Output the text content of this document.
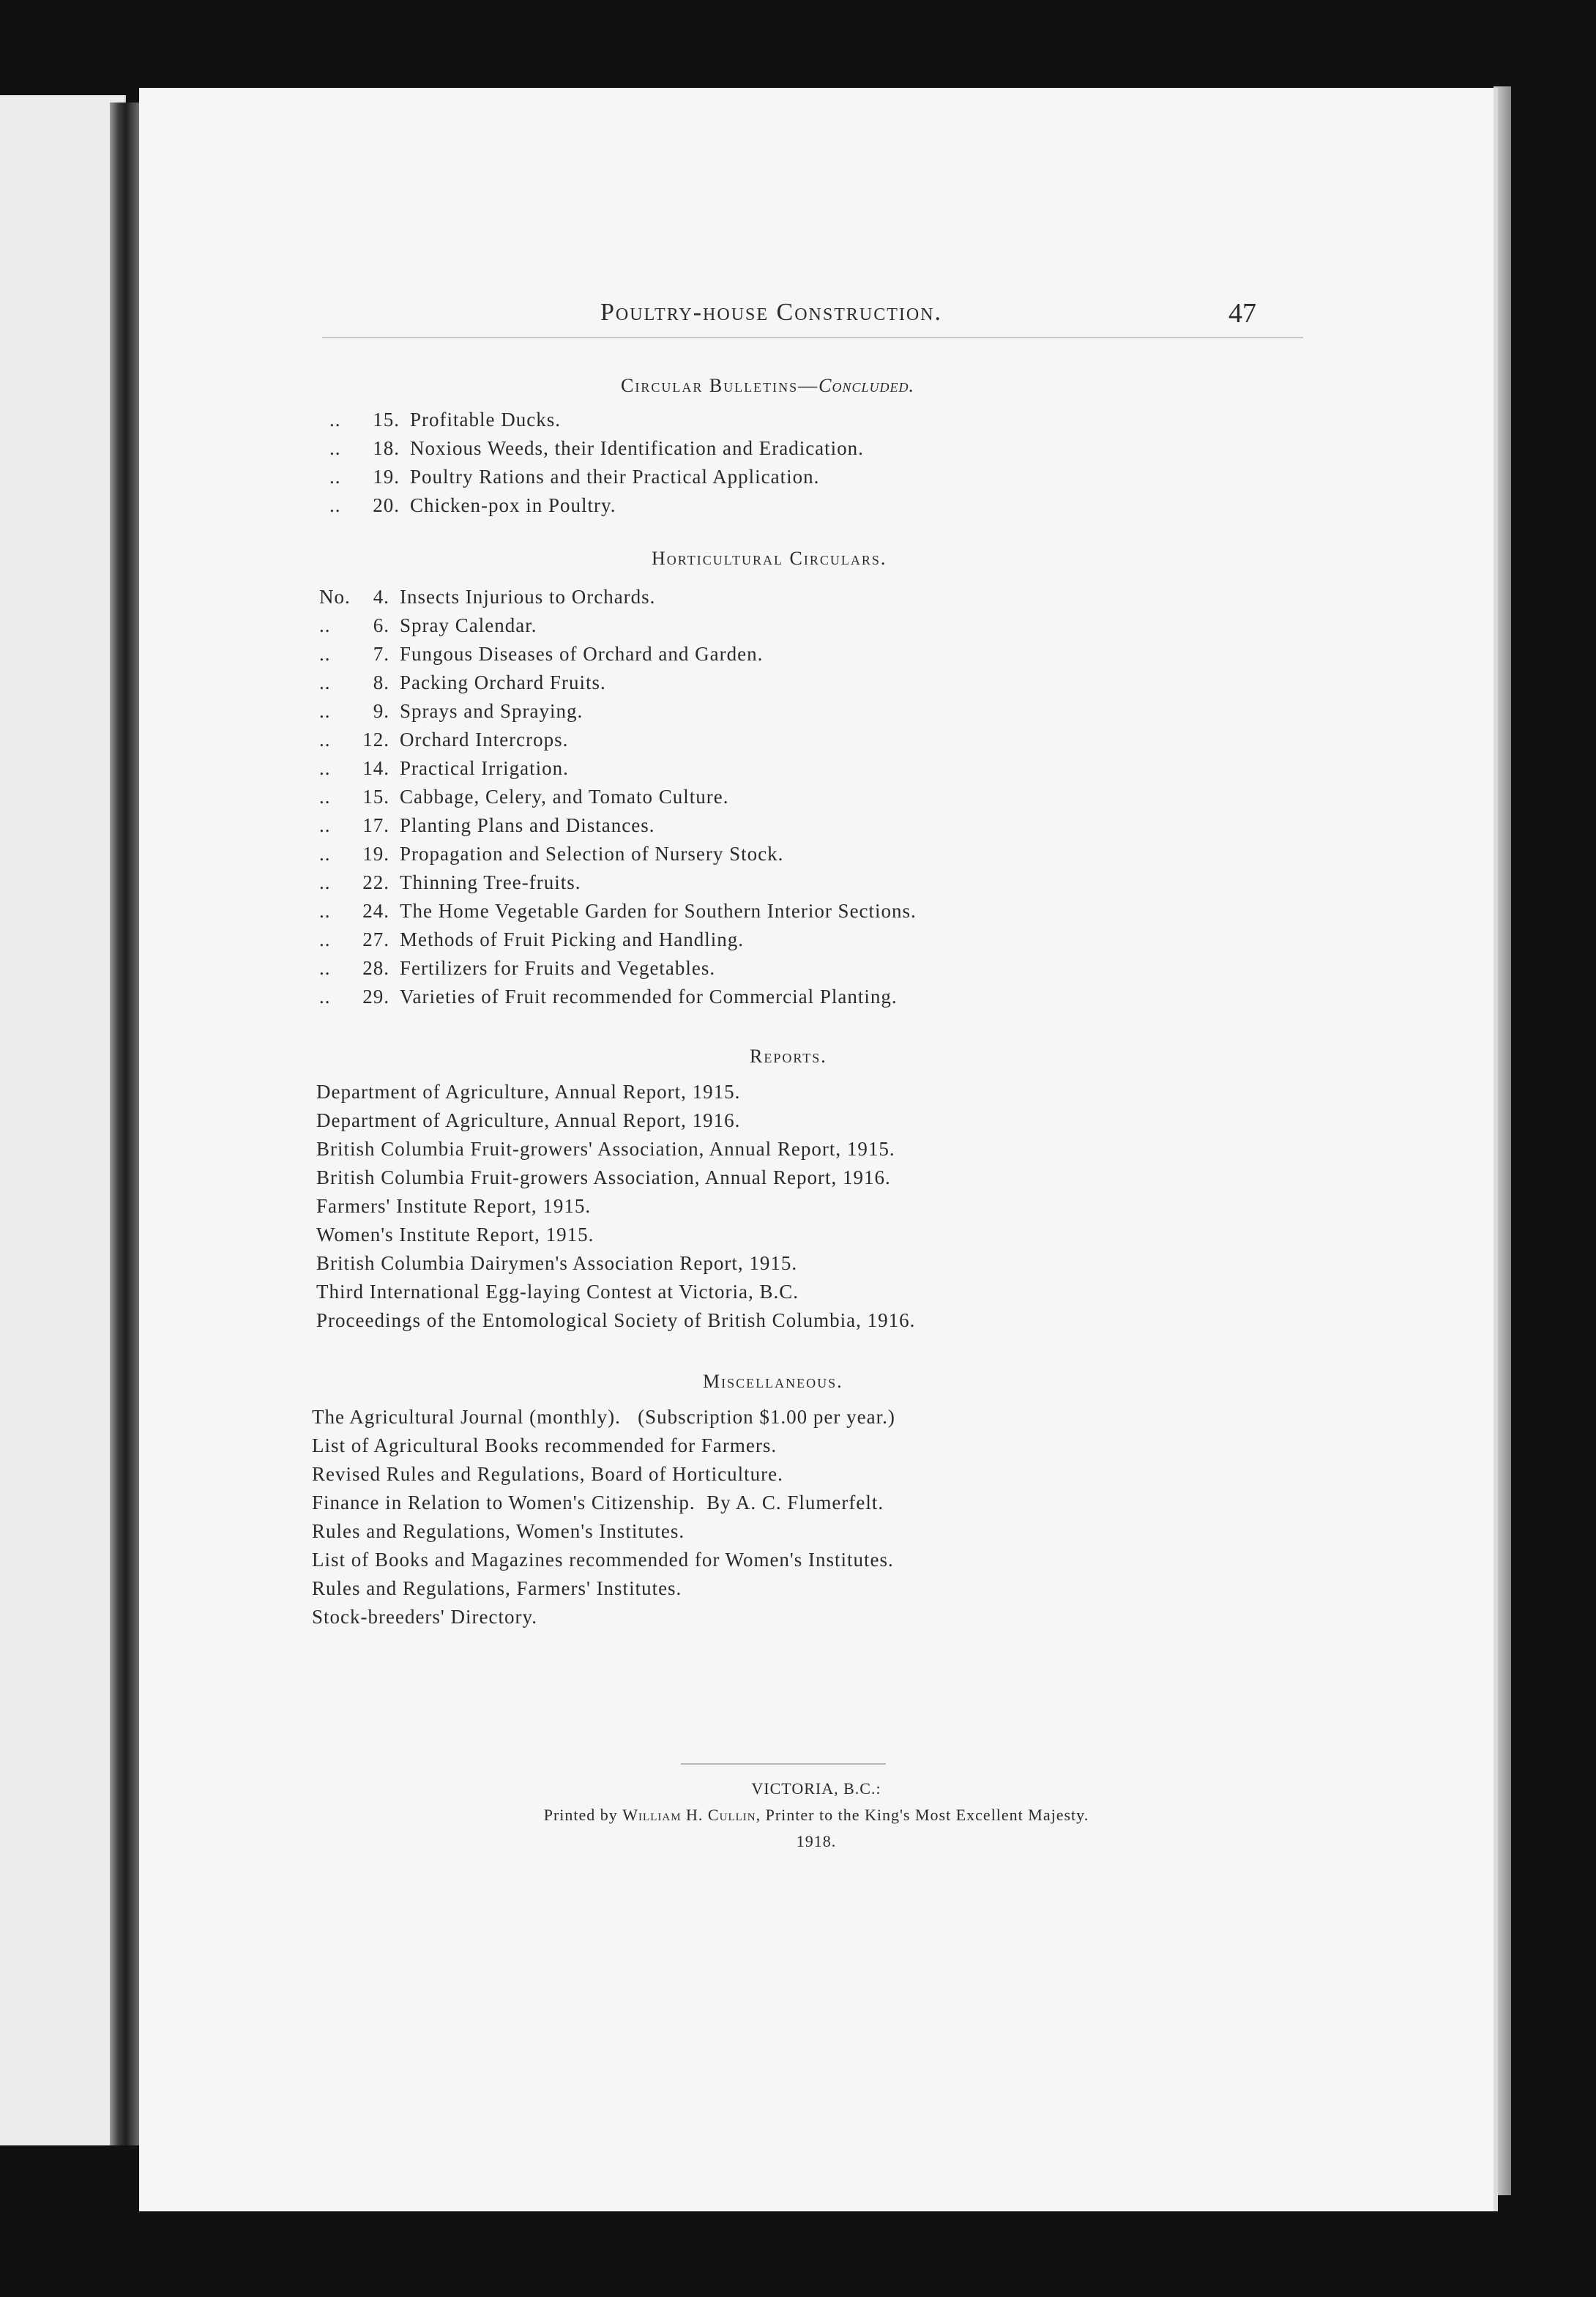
Poultry-house Construction.	47
Circular Bulletins—Concluded.
.. 15. Profitable Ducks.
.. 18. Noxious Weeds, their Identification and Eradication.
.. 19. Poultry Rations and their Practical Application.
.. 20. Chicken-pox in Poultry.
Horticultural Circulars.
No. 4. Insects Injurious to Orchards.
.. 6. Spray Calendar.
.. 7. Fungous Diseases of Orchard and Garden.
.. 8. Packing Orchard Fruits.
.. 9. Sprays and Spraying.
.. 12. Orchard Intercrops.
.. 14. Practical Irrigation.
.. 15. Cabbage, Celery, and Tomato Culture.
.. 17. Planting Plans and Distances.
.. 19. Propagation and Selection of Nursery Stock.
.. 22. Thinning Tree-fruits.
.. 24. The Home Vegetable Garden for Southern Interior Sections.
.. 27. Methods of Fruit Picking and Handling.
.. 28. Fertilizers for Fruits and Vegetables.
.. 29. Varieties of Fruit recommended for Commercial Planting.
Reports.
Department of Agriculture, Annual Report, 1915.
Department of Agriculture, Annual Report, 1916.
British Columbia Fruit-growers' Association, Annual Report, 1915.
British Columbia Fruit-growers Association, Annual Report, 1916.
Farmers' Institute Report, 1915.
Women's Institute Report, 1915.
British Columbia Dairymen's Association Report, 1915.
Third International Egg-laying Contest at Victoria, B.C.
Proceedings of the Entomological Society of British Columbia, 1916.
Miscellaneous.
The Agricultural Journal (monthly).   (Subscription $1.00 per year.)
List of Agricultural Books recommended for Farmers.
Revised Rules and Regulations, Board of Horticulture.
Finance in Relation to Women's Citizenship.  By A. C. Flumerfelt.
Rules and Regulations, Women's Institutes.
List of Books and Magazines recommended for Women's Institutes.
Rules and Regulations, Farmers' Institutes.
Stock-breeders' Directory.
VICTORIA, B.C.:
Printed by William H. Cullin, Printer to the King's Most Excellent Majesty.
1918.
